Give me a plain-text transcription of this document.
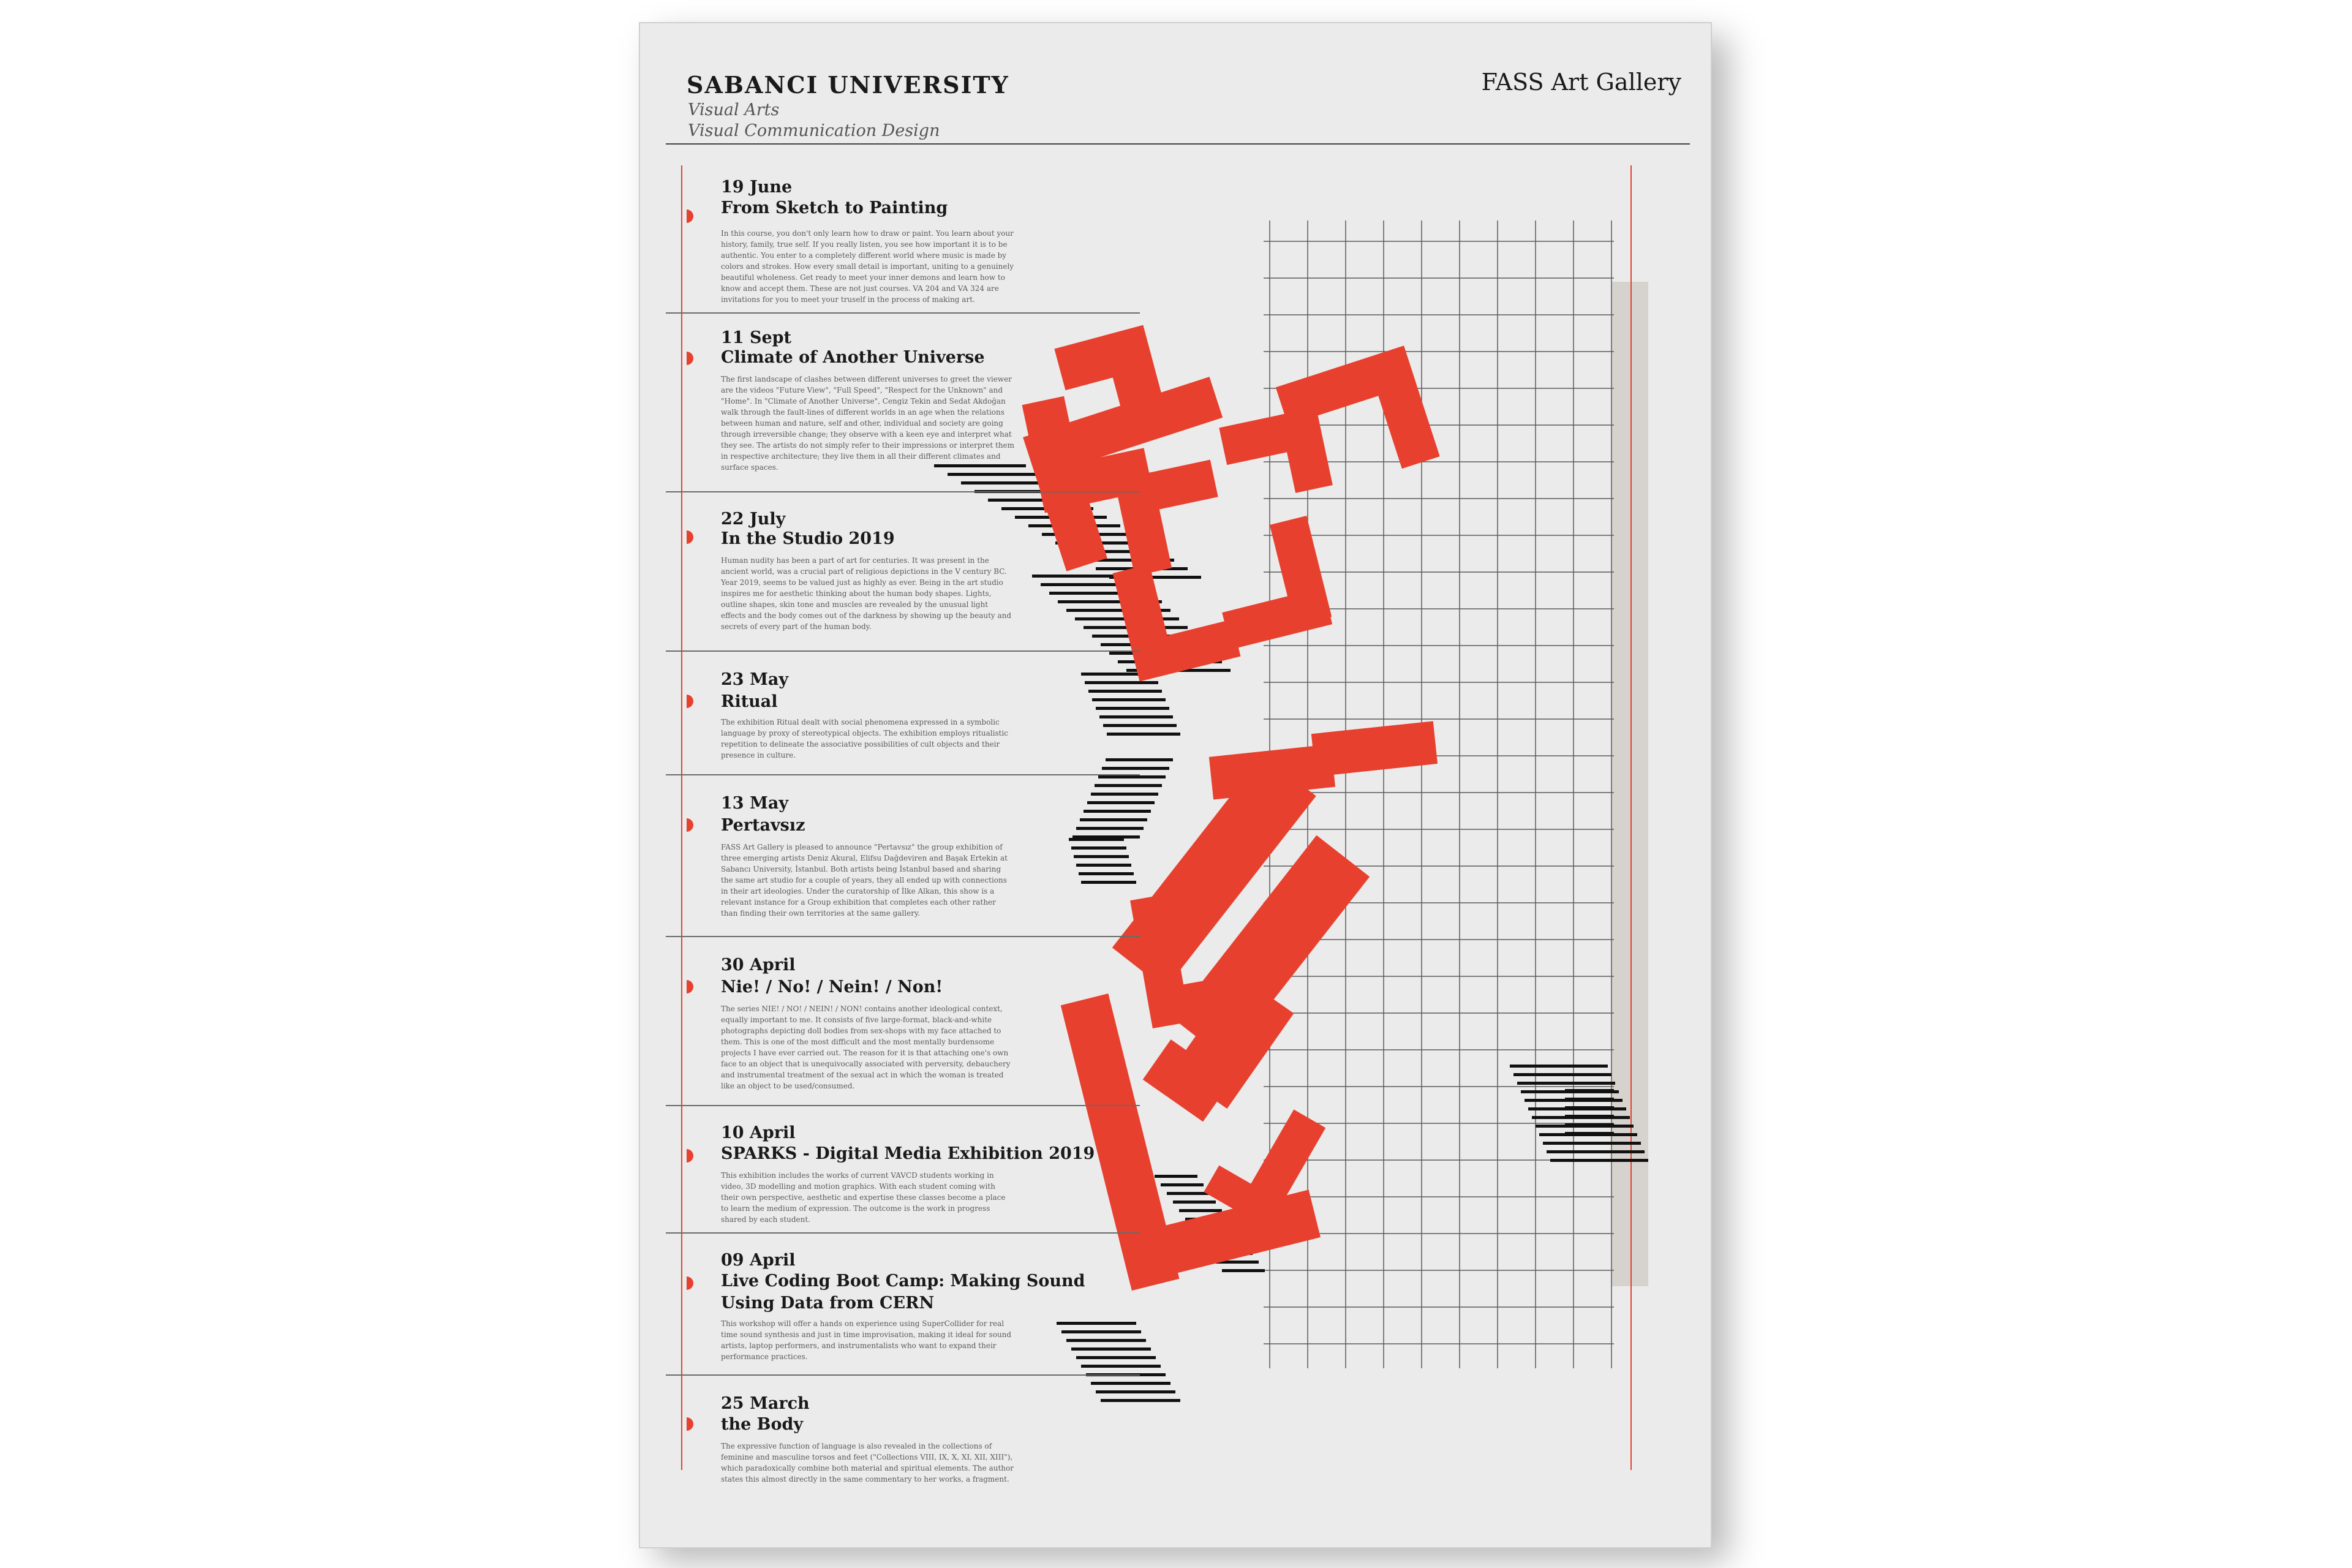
SABANCI UNIVERSITY
Visual Arts
Visual Communication Design
FASS Art Gallery
19 June
From Sketch to Painting
In this course, you don't only learn how to draw or paint. You learn about your history, family, true self. If you really listen, you see how important it is to be authentic. You enter to a completely different world where music is made by colors and strokes. How every small detail is important, uniting to a genuinely beautiful wholeness. Get ready to meet your inner demons and learn how to know and accept them. These are not just courses. VA 204 and VA 324 are invitations for you to meet your truself in the process of making art.
11 Sept
Climate of Another Universe
The first landscape of clashes between different universes to greet the viewer are the videos "Future View", "Full Speed", "Respect for the Unknown" and "Home". In "Climate of Another Universe", Cengiz Tekin and Sedat Akdoğan walk through the fault-lines of different worlds in an age when the relations between human and nature, self and other, individual and society are going through irreversible change; they observe with a keen eye and interpret what they see. The artists do not simply refer to their impressions or interpret them in respective architecture; they live them in all their different climates and surface spaces.
22 July
In the Studio 2019
Human nudity has been a part of art for centuries. It was present in the ancient world, was a crucial part of religious depictions in the V century BC. Year 2019, seems to be valued just as highly as ever. Being in the art studio inspires me for aesthetic thinking about the human body shapes. Lights, outline shapes, skin tone and muscles are revealed by the unusual light effects and the body comes out of the darkness by showing up the beauty and secrets of every part of the human body.
23 May
Ritual
The exhibition Ritual dealt with social phenomena expressed in a symbolic language by proxy of stereotypical objects. The exhibition employs ritualistic repetition to delineate the associative possibilities of cult objects and their presence in culture.
13 May
Pertavsız
FASS Art Gallery is pleased to announce "Pertavsız" the group exhibition of three emerging artists Deniz Akural, Elifsu Dağdeviren and Başak Ertekin at Sabancı University, İstanbul. Both artists being İstanbul based and sharing the same art studio for a couple of years, they all ended up with connections in their art ideologies. Under the curatorship of İlke Alkan, this show is a relevant instance for a Group exhibition that completes each other rather than finding their own territories at the same gallery.
30 April
Nie! / No! / Nein! / Non!
The series NIE! / NO! / NEIN! / NON! contains another ideological context, equally important to me. It consists of five large-format, black-and-white photographs depicting doll bodies from sex-shops with my face attached to them. This is one of the most difficult and the most mentally burdensome projects I have ever carried out. The reason for it is that attaching one's own face to an object that is unequivocally associated with perversity, debauchery and instrumental treatment of the sexual act in which the woman is treated like an object to be used/consumed.
10 April
SPARKS - Digital Media Exhibition 2019
This exhibition includes the works of current VAVCD students working in video, 3D modelling and motion graphics. With each student coming with their own perspective, aesthetic and expertise these classes become a place to learn the medium of expression. The outcome is the work in progress shared by each student.
09 April
Live Coding Boot Camp: Making Sound Using Data from CERN
This workshop will offer a hands on experience using SuperCollider for real time sound synthesis and just in time improvisation, making it ideal for sound artists, laptop performers, and instrumentalists who want to expand their performance practices.
25 March
the Body
The expressive function of language is also revealed in the collections of feminine and masculine torsos and feet ("Collections VIII, IX, X, XI, XII, XIII"), which paradoxically combine both material and spiritual elements. The author states this almost directly in the same commentary to her works, a fragment.
